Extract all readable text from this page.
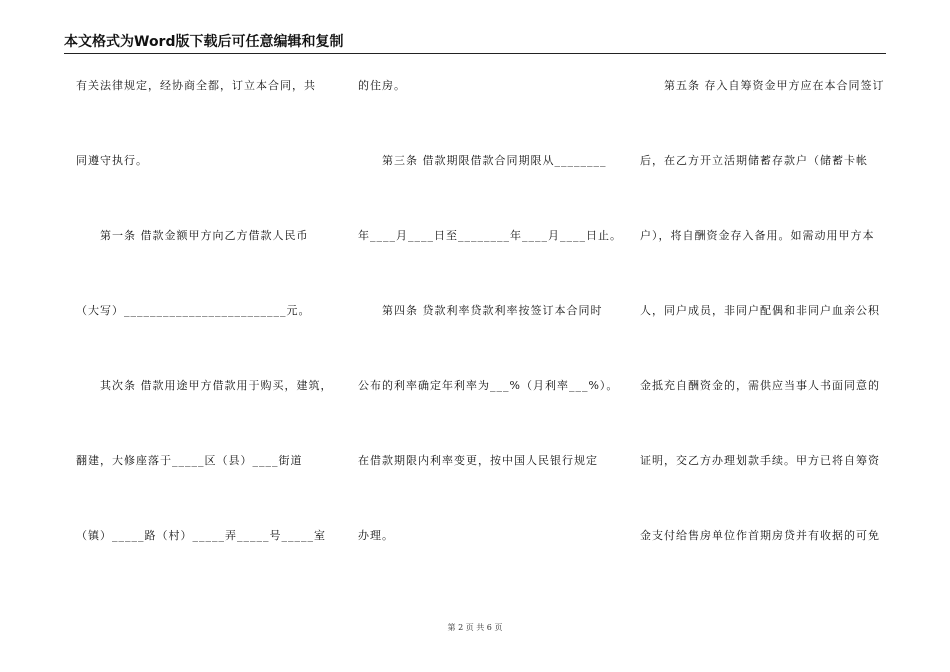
本文格式为Word版下载后可任意编辑和复制
有关法律规定，经协商全都，订立本合同，共
同遵守执行。
　　第一条 借款金额甲方向乙方借款人民币
（大写）_________________________元。
　　其次条 借款用途甲方借款用于购买，建筑，
翻建，大修座落于_____区（县）____街道
（镇）_____路（村）_____弄_____号_____室
的住房。
　　第三条 借款期限借款合同期限从________
年____月____日至________年____月____日止。
　　第四条 贷款利率贷款利率按签订本合同时
公布的利率确定年利率为___%（月利率___%）。
在借款期限内利率变更，按中国人民银行规定
办理。
　　第五条 存入自筹资金甲方应在本合同签订
后，在乙方开立活期储蓄存款户（储蓄卡帐
户），将自酬资金存入备用。如需动用甲方本
人，同户成员，非同户配偶和非同户血亲公积
金抵充自酬资金的，需供应当事人书面同意的
证明，交乙方办理划款手续。甲方已将自筹资
金支付给售房单位作首期房贷并有收据的可免
第 2 页 共 6 页
